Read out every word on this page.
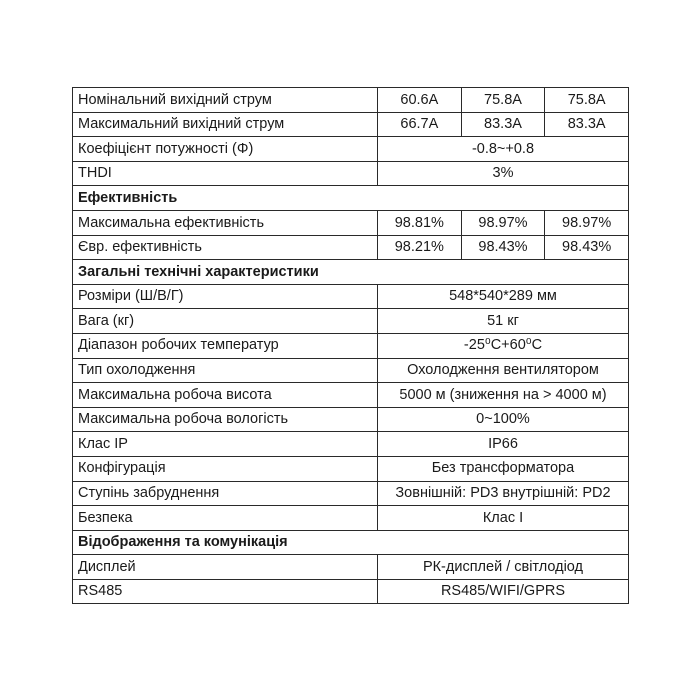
Номінальний вихідний струм	60.6A	75.8A	75.8A
Максимальний вихідний струм	66.7A	83.3A	83.3A
Коефіцієнт потужності (Φ)	-0.8~+0.8		
THDI	3%		
Ефективність			
Максимальна ефективність	98.81%	98.97%	98.97%
Євр. ефективність	98.21%	98.43%	98.43%
Загальні технічні характеристики			
Розміри (Ш/В/Г)	548*540*289 мм		
Вага (кг)	51 кг		
Діапазон робочих температур	-25⁰C+60⁰C		
Тип охолодження	Охолодження вентилятором		
Максимальна робоча висота	5000 м (зниження на > 4000 м)		
Максимальна робоча вологість	0~100%		
Клас IP	IP66		
Конфігурація	Без трансформатора		
Ступінь забруднення	Зовнішній: PD3 внутрішній: PD2		
Безпека	Клас I		
Відображення та комунікація			
Дисплей	РК-дисплей / світлодіод		
RS485	RS485/WIFI/GPRS		
